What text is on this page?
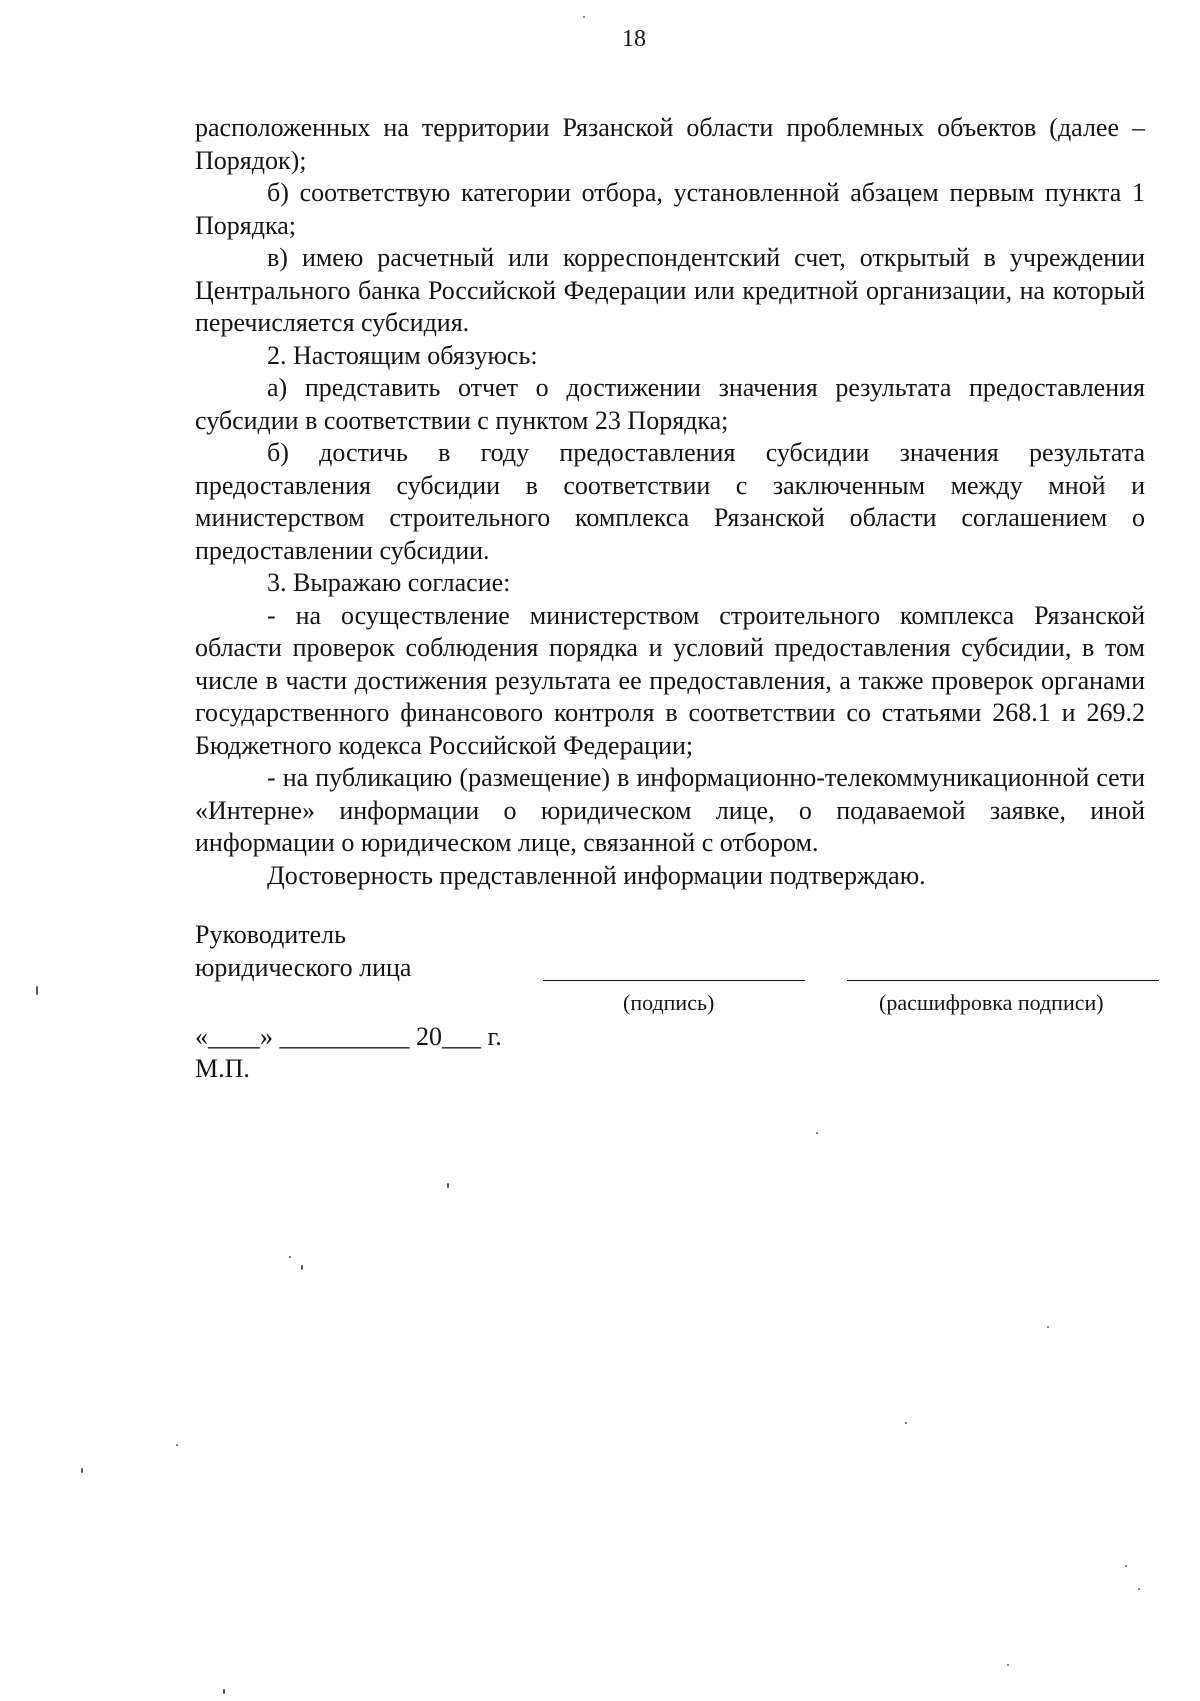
18

расположенных на территории Рязанской области проблемных объектов (далее – Порядок);

б) соответствую категории отбора, установленной абзацем первым пункта 1 Порядка;

в) имею расчетный или корреспондентский счет, открытый в учреждении Центрального банка Российской Федерации или кредитной организации, на который перечисляется субсидия.

2. Настоящим обязуюсь:

а) представить отчет о достижении значения результата предоставления субсидии в соответствии с пунктом 23 Порядка;

б) достичь в году предоставления субсидии значения результата предоставления субсидии в соответствии с заключенным между мной и министерством строительного комплекса Рязанской области соглашением о предоставлении субсидии.

3. Выражаю согласие:

- на осуществление министерством строительного комплекса Рязанской области проверок соблюдения порядка и условий предоставления субсидии, в том числе в части достижения результата ее предоставления, а также проверок органами государственного финансового контроля в соответствии со статьями 268.1 и 269.2 Бюджетного кодекса Российской Федерации;

- на публикацию (размещение) в информационно-телекоммуникационной сети «Интерне» информации о юридическом лице, о подаваемой заявке, иной информации о юридическом лице, связанной с отбором.

Достоверность представленной информации подтверждаю.

Руководитель
юридического лица
(подпись)	(расшифровка подписи)
«____» __________ 20___ г.
М.П.
